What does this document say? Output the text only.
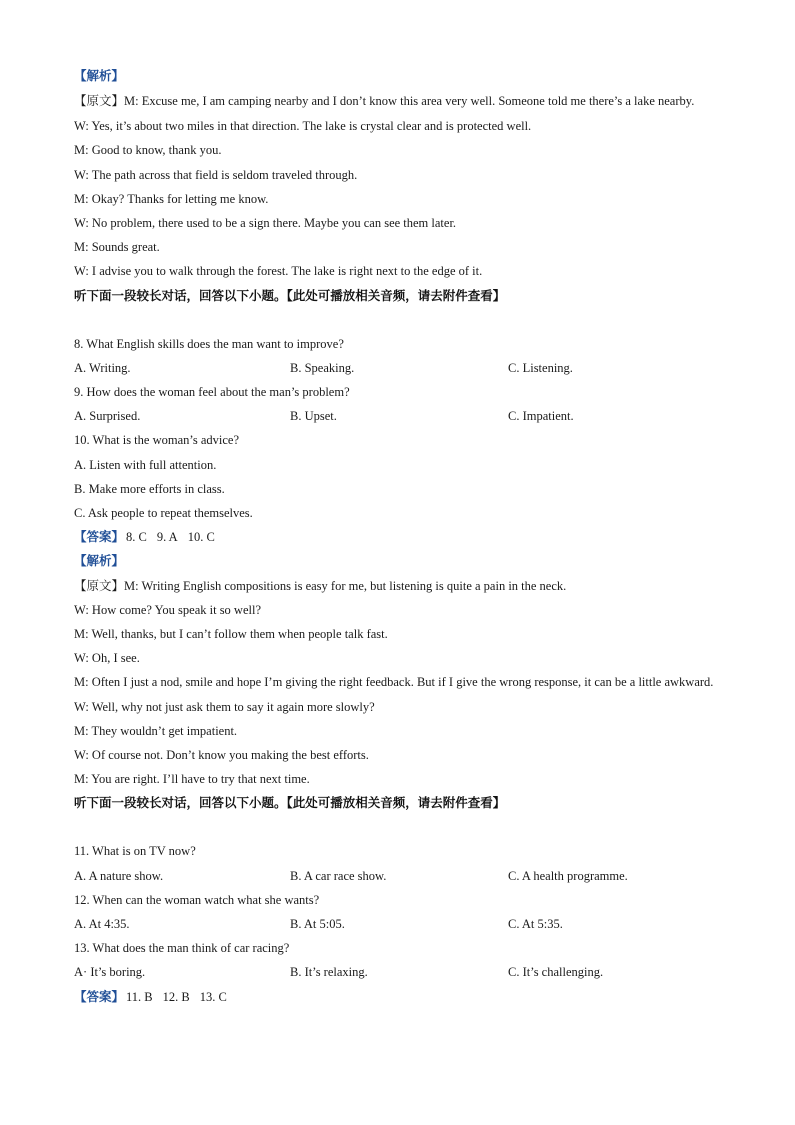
【解析】
【原文】M: Excuse me, I am camping nearby and I don’t know this area very well. Someone told me there’s a lake nearby.
W: Yes, it’s about two miles in that direction. The lake is crystal clear and is protected well.
M: Good to know, thank you.
W: The path across that field is seldom traveled through.
M: Okay? Thanks for letting me know.
W: No problem, there used to be a sign there. Maybe you can see them later.
M: Sounds great.
W: I advise you to walk through the forest. The lake is right next to the edge of it.
听下面一段较长对话，回答以下小题。【此处可播放相关音频，请去附件查看】
8. What English skills does the man want to improve?
A. Writing.	B. Speaking.	C. Listening.
9. How does the woman feel about the man’s problem?
A. Surprised.	B. Upset.	C. Impatient.
10. What is the woman’s advice?
A. Listen with full attention.
B. Make more efforts in class.
C. Ask people to repeat themselves.
【答案】 8. C 9. A 10. C
【解析】
【原文】M: Writing English compositions is easy for me, but listening is quite a pain in the neck.
W: How come? You speak it so well?
M: Well, thanks, but I can’t follow them when people talk fast.
W: Oh, I see.
M: Often I just a nod, smile and hope I’m giving the right feedback. But if I give the wrong response, it can be a little awkward.
W: Well, why not just ask them to say it again more slowly?
M: They wouldn’t get impatient.
W: Of course not. Don’t know you making the best efforts.
M: You are right. I’ll have to try that next time.
听下面一段较长对话，回答以下小题。【此处可播放相关音频，请去附件查看】
11. What is on TV now?
A. A nature show.	B. A car race show.	C. A health programme.
12. When can the woman watch what she wants?
A. At 4:35.	B. At 5:05.	C. At 5:35.
13. What does the man think of car racing?
A· It’s boring.	B. It’s relaxing.	C. It’s challenging.
【答案】 11. B 12. B 13. C
